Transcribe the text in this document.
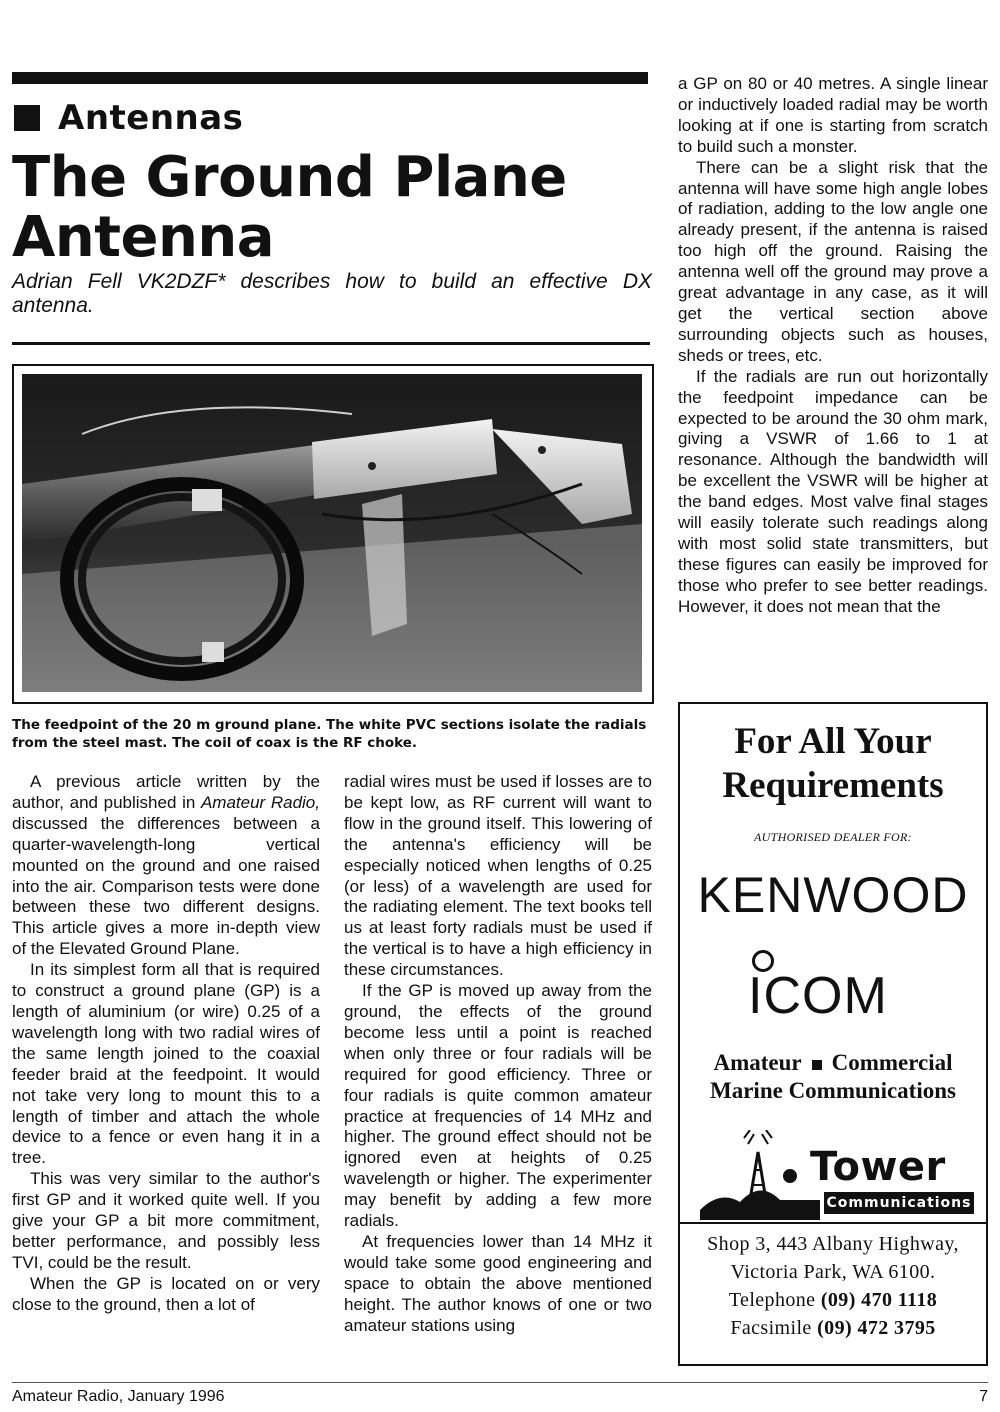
Antennas
The Ground Plane
Antenna

Adrian Fell VK2DZF* describes how to build an effective DX antenna.

The feedpoint of the 20 m ground plane. The white PVC sections isolate the radials from the steel mast. The coil of coax is the RF choke.

A previous article written by the author, and published in Amateur Radio, discussed the differences between a quarter-wavelength-long vertical mounted on the ground and one raised into the air. Comparison tests were done between these two different designs. This article gives a more in-depth view of the Elevated Ground Plane.

In its simplest form all that is required to construct a ground plane (GP) is a length of aluminium (or wire) 0.25 of a wavelength long with two radial wires of the same length joined to the coaxial feeder braid at the feedpoint. It would not take very long to mount this to a length of timber and attach the whole device to a fence or even hang it in a tree.

This was very similar to the author's first GP and it worked quite well. If you give your GP a bit more commitment, better performance, and possibly less TVI, could be the result.

When the GP is located on or very close to the ground, then a lot of

radial wires must be used if losses are to be kept low, as RF current will want to flow in the ground itself. This lowering of the antenna's efficiency will be especially noticed when lengths of 0.25 (or less) of a wavelength are used for the radiating element. The text books tell us at least forty radials must be used if the vertical is to have a high efficiency in these circumstances.

If the GP is moved up away from the ground, the effects of the ground become less until a point is reached when only three or four radials will be required for good efficiency. Three or four radials is quite common amateur practice at frequencies of 14 MHz and higher. The ground effect should not be ignored even at heights of 0.25 wavelength or higher. The experimenter may benefit by adding a few more radials.

At frequencies lower than 14 MHz it would take some good engineering and space to obtain the above mentioned height. The author knows of one or two amateur stations using

a GP on 80 or 40 metres. A single linear or inductively loaded radial may be worth looking at if one is starting from scratch to build such a monster.

There can be a slight risk that the antenna will have some high angle lobes of radiation, adding to the low angle one already present, if the antenna is raised too high off the ground. Raising the antenna well off the ground may prove a great advantage in any case, as it will get the vertical section above surrounding objects such as houses, sheds or trees, etc.

If the radials are run out horizontally the feedpoint impedance can be expected to be around the 30 ohm mark, giving a VSWR of 1.66 to 1 at resonance. Although the bandwidth will be excellent the VSWR will be higher at the band edges. Most valve final stages will easily tolerate such readings along with most solid state transmitters, but these figures can easily be improved for those who prefer to see better readings. However, it does not mean that the

For All Your
Requirements
AUTHORISED DEALER FOR:
KENWOOD
ICOM
Amateur Commercial
Marine Communications
Tower
Communications
Shop 3, 443 Albany Highway,
Victoria Park, WA 6100.
Telephone (09) 470 1118
Facsimile (09) 472 3795
Amateur Radio, January 1996	7
